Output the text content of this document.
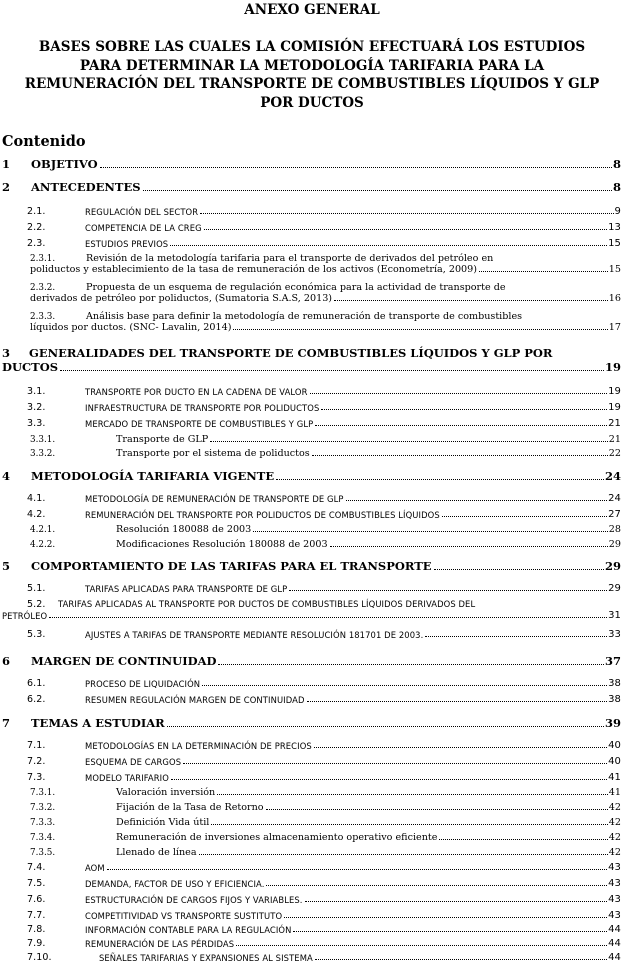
ANEXO GENERAL
BASES SOBRE LAS CUALES LA COMISIÓN EFECTUARÁ LOS ESTUDIOS
PARA DETERMINAR LA METODOLOGÍA TARIFARIA PARA LA
REMUNERACIÓN DEL TRANSPORTE DE COMBUSTIBLES LÍQUIDOS Y GLP
POR DUCTOS
Contenido
1	OBJETIVO	8
2	ANTECEDENTES	8
2.1.	REGULACIÓN DEL SECTOR	9
2.2.	COMPETENCIA DE LA CREG	13
2.3.	ESTUDIOS PREVIOS	15
2.3.1.	Revisión de la metodología tarifaria para el transporte de derivados del petróleo en
poliductos y establecimiento de la tasa de remuneración de los activos (Econometría, 2009)	15
2.3.2.	Propuesta de un esquema de regulación económica para la actividad de transporte de
derivados de petróleo por poliductos, (Sumatoria S.A.S, 2013)	16
2.3.3.	Análisis base para definir la metodología de remuneración de transporte de combustibles
líquidos por ductos. (SNC- Lavalin, 2014)	17
3 GENERALIDADES DEL TRANSPORTE DE COMBUSTIBLES LÍQUIDOS Y GLP POR
DUCTOS	19
3.1.	TRANSPORTE POR DUCTO EN LA CADENA DE VALOR	19
3.2.	INFRAESTRUCTURA DE TRANSPORTE POR POLIDUCTOS	19
3.3.	MERCADO DE TRANSPORTE DE COMBUSTIBLES Y GLP	21
3.3.1.	Transporte de GLP	21
3.3.2.	Transporte por el sistema de poliductos	22
4	METODOLOGÍA TARIFARIA VIGENTE	24
4.1.	METODOLOGÍA DE REMUNERACIÓN DE TRANSPORTE DE GLP	24
4.2.	REMUNERACIÓN DEL TRANSPORTE POR POLIDUCTOS DE COMBUSTIBLES LÍQUIDOS	27
4.2.1.	Resolución 180088 de 2003	28
4.2.2.	Modificaciones Resolución 180088 de 2003	29
5	COMPORTAMIENTO DE LAS TARIFAS PARA EL TRANSPORTE	29
5.1.	TARIFAS APLICADAS PARA TRANSPORTE DE GLP	29
5.2. TARIFAS APLICADAS AL TRANSPORTE POR DUCTOS DE COMBUSTIBLES LÍQUIDOS DERIVADOS DEL
PETRÓLEO	31
5.3.	AJUSTES A TARIFAS DE TRANSPORTE MEDIANTE RESOLUCIÓN 181701 DE 2003.	33
6	MARGEN DE CONTINUIDAD	37
6.1.	PROCESO DE LIQUIDACIÓN	38
6.2.	RESUMEN REGULACIÓN MARGEN DE CONTINUIDAD	38
7	TEMAS A ESTUDIAR	39
7.1.	METODOLOGÍAS EN LA DETERMINACIÓN DE PRECIOS	40
7.2.	ESQUEMA DE CARGOS	40
7.3.	MODELO TARIFARIO	41
7.3.1.	Valoración inversión	41
7.3.2.	Fijación de la Tasa de Retorno	42
7.3.3.	Definición Vida útil	42
7.3.4.	Remuneración de inversiones almacenamiento operativo eficiente	42
7.3.5.	Llenado de línea	42
7.4.	AOM	43
7.5.	DEMANDA, FACTOR DE USO Y EFICIENCIA.	43
7.6.	ESTRUCTURACIÓN DE CARGOS FIJOS Y VARIABLES.	43
7.7.	COMPETITIVIDAD VS TRANSPORTE SUSTITUTO	43
7.8.	INFORMACIÓN CONTABLE PARA LA REGULACIÓN	44
7.9.	REMUNERACIÓN DE LAS PÉRDIDAS	44
7.10.	SEÑALES TARIFARIAS Y EXPANSIONES AL SISTEMA	44
